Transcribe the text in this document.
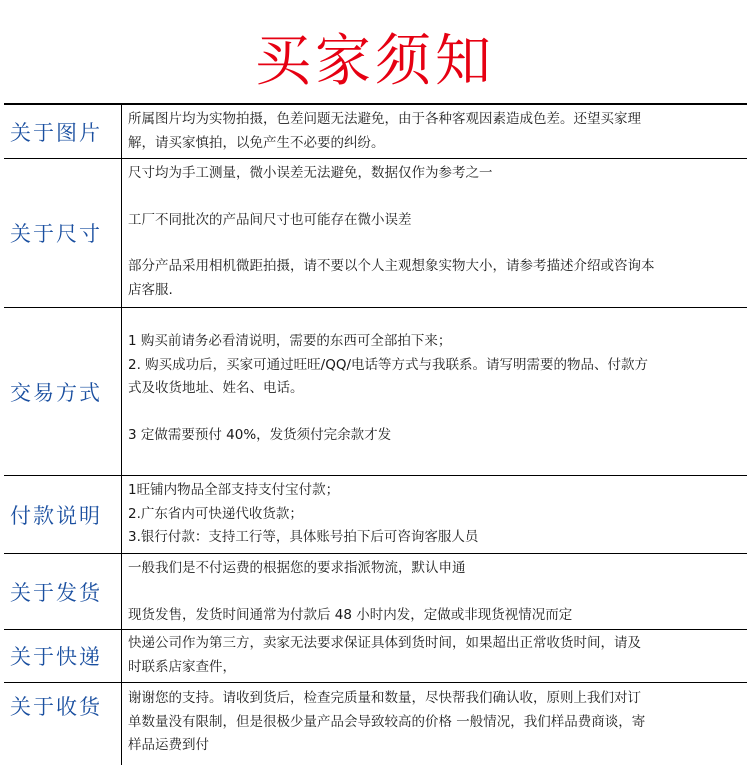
买家须知
关于图片

所属图片均为实物拍摄，色差问题无法避免，由于各种客观因素造成色差。还望买家理

解，请买家慎拍，以免产生不必要的纠纷。

关于尺寸

尺寸均为手工测量，微小误差无法避免，数据仅作为参考之一

工厂不同批次的产品间尺寸也可能存在微小误差

部分产品采用相机微距拍摄，请不要以个人主观想象实物大小，请参考描述介绍或咨询本

店客服.

交易方式

1 购买前请务必看清说明，需要的东西可全部拍下来；

2. 购买成功后，买家可通过旺旺/QQ/电话等方式与我联系。请写明需要的物品、付款方

式及收货地址、姓名、电话。

3 定做需要预付 40%，发货须付完余款才发

付款说明

1旺铺内物品全部支持支付宝付款；

2.广东省内可快递代收货款；

3.银行付款：支持工行等，具体账号拍下后可咨询客服人员

关于发货

一般我们是不付运费的根据您的要求指派物流，默认申通

现货发售，发货时间通常为付款后 48 小时内发，定做或非现货视情况而定

关于快递

快递公司作为第三方，卖家无法要求保证具体到货时间，如果超出正常收货时间，请及

时联系店家查件，

关于收货	谢谢您的支持。请收到货后，检查完质量和数量，尽快帮我们确认收，原则上我们对订

单数量没有限制，但是很极少量产品会导致较高的价格 一般情况，我们样品费商谈，寄

样品运费到付
